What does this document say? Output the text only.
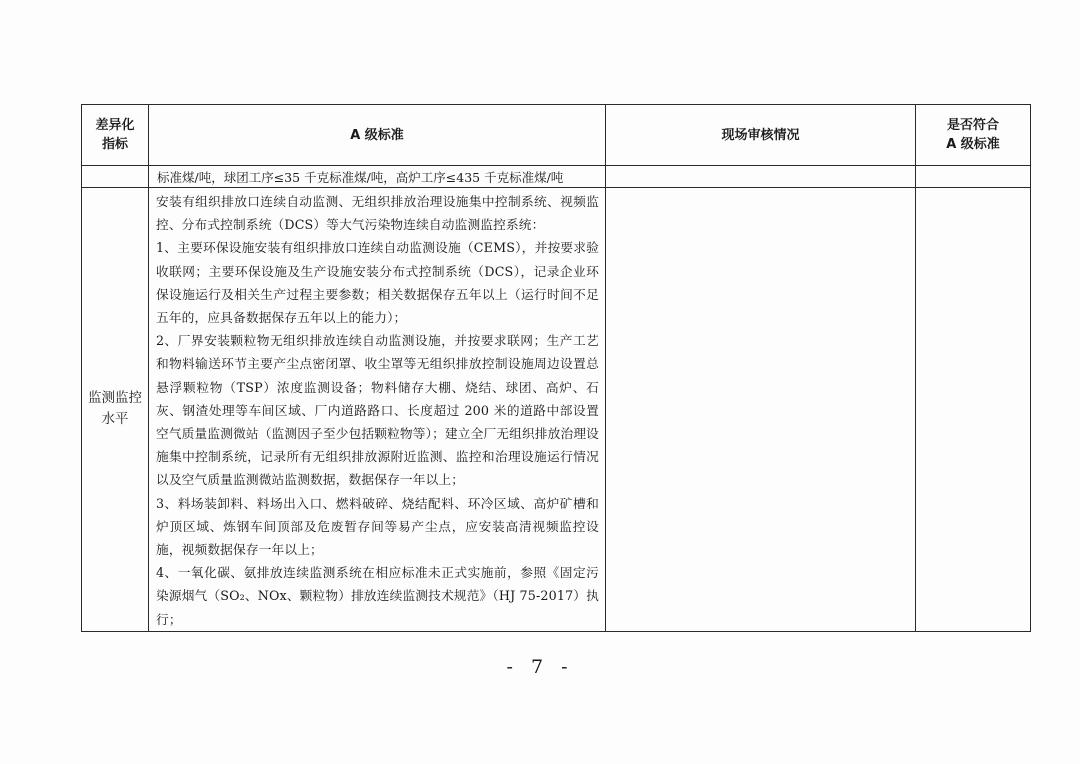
差异化指标	A 级标准	现场审核情况	是否符合 A 级标准
	标准煤/吨，球团工序≤35 千克标准煤/吨，高炉工序≤435 千克标准煤/吨		
监测监控水平	安装有组织排放口连续自动监测、无组织排放治理设施集中控制系统、视频监控、分布式控制系统（DCS）等大气污染物连续自动监测监控系统：

1、主要环保设施安装有组织排放口连续自动监测设施（CEMS），并按要求验收联网；主要环保设施及生产设施安装分布式控制系统（DCS），记录企业环保设施运行及相关生产过程主要参数；相关数据保存五年以上（运行时间不足五年的，应具备数据保存五年以上的能力）；

2、厂界安装颗粒物无组织排放连续自动监测设施，并按要求联网；生产工艺和物料输送环节主要产尘点密闭罩、收尘罩等无组织排放控制设施周边设置总悬浮颗粒物（TSP）浓度监测设备；物料储存大棚、烧结、球团、高炉、石灰、钢渣处理等车间区域、厂内道路路口、长度超过 200 米的道路中部设置空气质量监测微站（监测因子至少包括颗粒物等）；建立全厂无组织排放治理设施集中控制系统，记录所有无组织排放源附近监测、监控和治理设施运行情况以及空气质量监测微站监测数据，数据保存一年以上；

3、料场装卸料、料场出入口、燃料破碎、烧结配料、环冷区域、高炉矿槽和炉顶区域、炼钢车间顶部及危废暂存间等易产尘点，应安装高清视频监控设施，视频数据保存一年以上；

4、一氧化碳、氨排放连续监测系统在相应标准未正式实施前，参照《固定污染源烟气（SO₂、NOx、颗粒物）排放连续监测技术规范》（HJ 75-2017）执行；		

- 7 -
